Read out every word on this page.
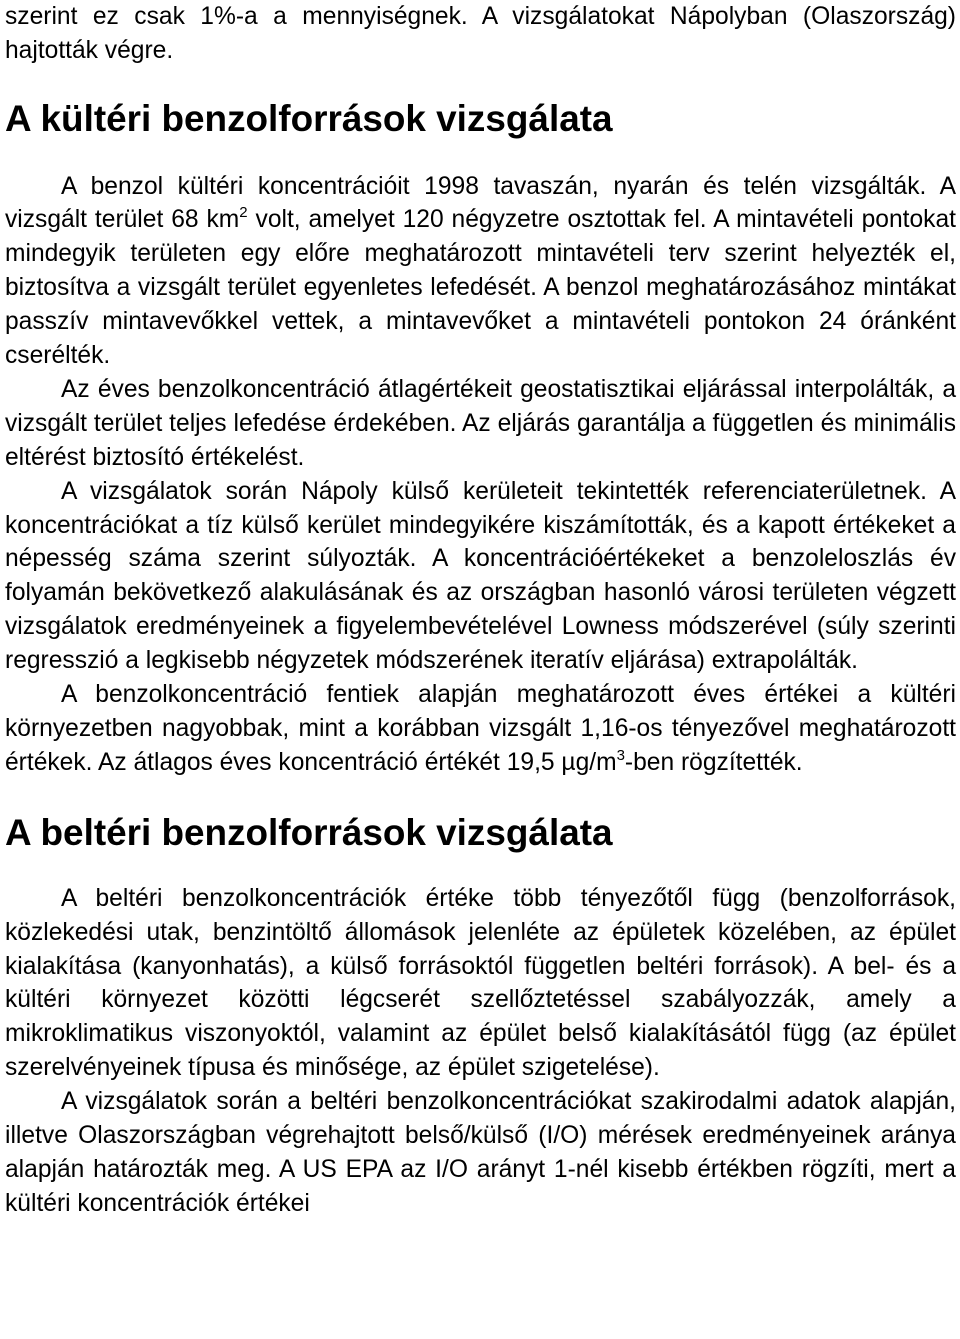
szerint ez csak 1%-a a mennyiségnek. A vizsgálatokat Nápolyban (Olaszország) hajtották végre.

A kültéri benzolforrások vizsgálata

A benzol kültéri koncentrációit 1998 tavaszán, nyarán és telén vizsgálták. A vizsgált terület 68 $km^2$ volt, amelyet 120 négyzetre osztottak fel. A mintavételi pontokat mindegyik területen egy előre meghatározott mintavételi terv szerint helyezték el, biztosítva a vizsgált terület egyenletes lefedését. A benzol meghatározásához mintákat passzív mintavevőkkel vettek, a mintavevőket a mintavételi pontokon 24 óránként cserélték.

Az éves benzolkoncentráció átlagértékeit geostatisztikai eljárással interpolálták, a vizsgált terület teljes lefedése érdekében. Az eljárás garantálja a független és minimális eltérést biztosító értékelést.

A vizsgálatok során Nápoly külső kerületeit tekintették referenciaterületnek. A koncentrációkat a tíz külső kerület mindegyikére kiszámították, és a kapott értékeket a népesség száma szerint súlyozták. A koncentrációértékeket a benzoleloszlás év folyamán bekövetkező alakulásának és az országban hasonló városi területen végzett vizsgálatok eredményeinek a figyelembevételével Lowness módszerével (súly szerinti regresszió a legkisebb négyzetek módszerének iteratív eljárása) extrapolálták.

A benzolkoncentráció fentiek alapján meghatározott éves értékei a kültéri környezetben nagyobbak, mint a korábban vizsgált 1,16-os tényezővel meghatározott értékek. Az átlagos éves koncentráció értékét 19,5 $\mu g/m^3$-ben rögzítették.

A beltéri benzolforrások vizsgálata

A beltéri benzolkoncentrációk értéke több tényezőtől függ (benzolforrások, közlekedési utak, benzintöltő állomások jelenléte az épületek közelében, az épület kialakítása (kanyonhatás), a külső forrásoktól független beltéri források). A bel- és a kültéri környezet közötti légcserét szellőztetéssel szabályozzák, amely a mikroklimatikus viszonyoktól, valamint az épület belső kialakításától függ (az épület szerelvényeinek típusa és minősége, az épület szigetelése).

A vizsgálatok során a beltéri benzolkoncentrációkat szakirodalmi adatok alapján, illetve Olaszországban végrehajtott belső/külső (I/O) mérések eredményeinek aránya alapján határozták meg. A US EPA az I/O arányt 1-nél kisebb értékben rögzíti, mert a kültéri koncentrációk értékei
